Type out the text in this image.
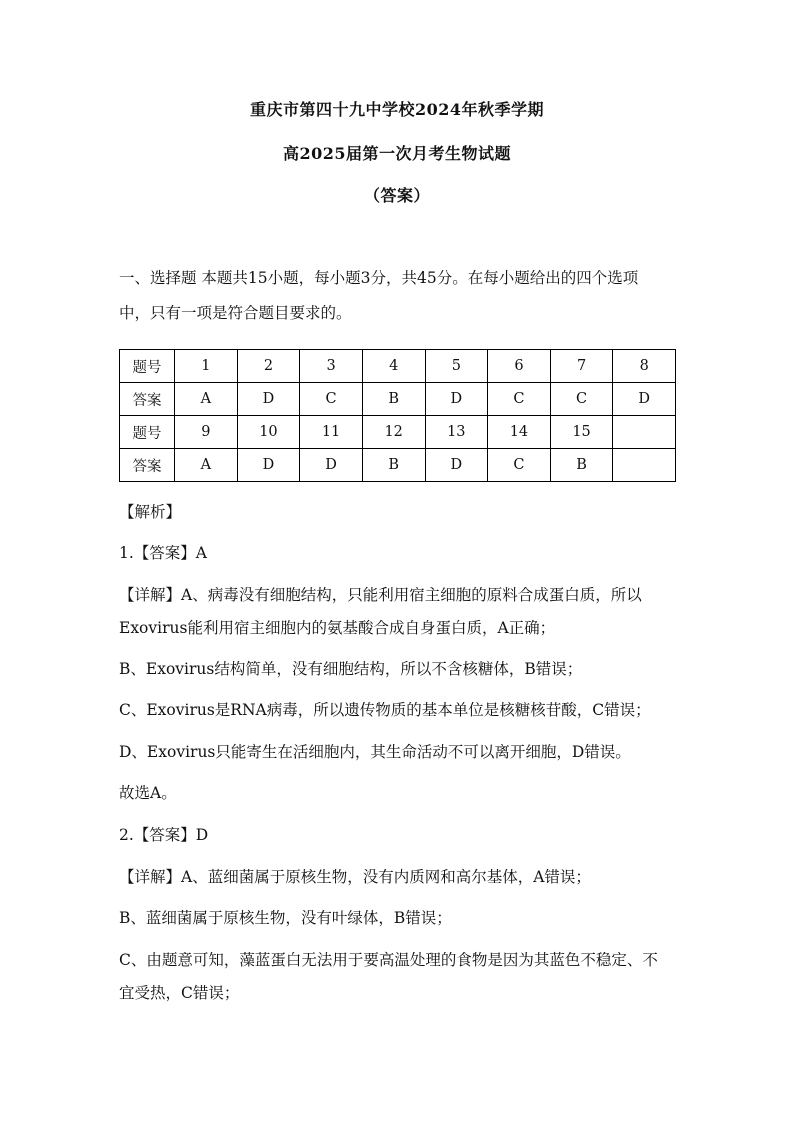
重庆市第四十九中学校2024年秋季学期
高2025届第一次月考生物试题
（答案）
一、选择题 本题共15小题，每小题3分，共45分。在每小题给出的四个选项
中，只有一项是符合题目要求的。
题号	1	2	3	4	5	6	7	8
答案	A	D	C	B	D	C	C	D
题号	9	10	11	12	13	14	15	
答案	A	D	D	B	D	C	B	
【解析】
1.【答案】A
【详解】A、病毒没有细胞结构，只能利用宿主细胞的原料合成蛋白质，所以
Exovirus能利用宿主细胞内的氨基酸合成自身蛋白质，A正确；
B、Exovirus结构简单，没有细胞结构，所以不含核糖体，B错误；
C、Exovirus是RNA病毒，所以遗传物质的基本单位是核糖核苷酸，C错误；
D、Exovirus只能寄生在活细胞内，其生命活动不可以离开细胞，D错误。
故选A。
2.【答案】D
【详解】A、蓝细菌属于原核生物，没有内质网和高尔基体，A错误；
B、蓝细菌属于原核生物，没有叶绿体，B错误；
C、由题意可知，藻蓝蛋白无法用于要高温处理的食物是因为其蓝色不稳定、不
宜受热，C错误；
